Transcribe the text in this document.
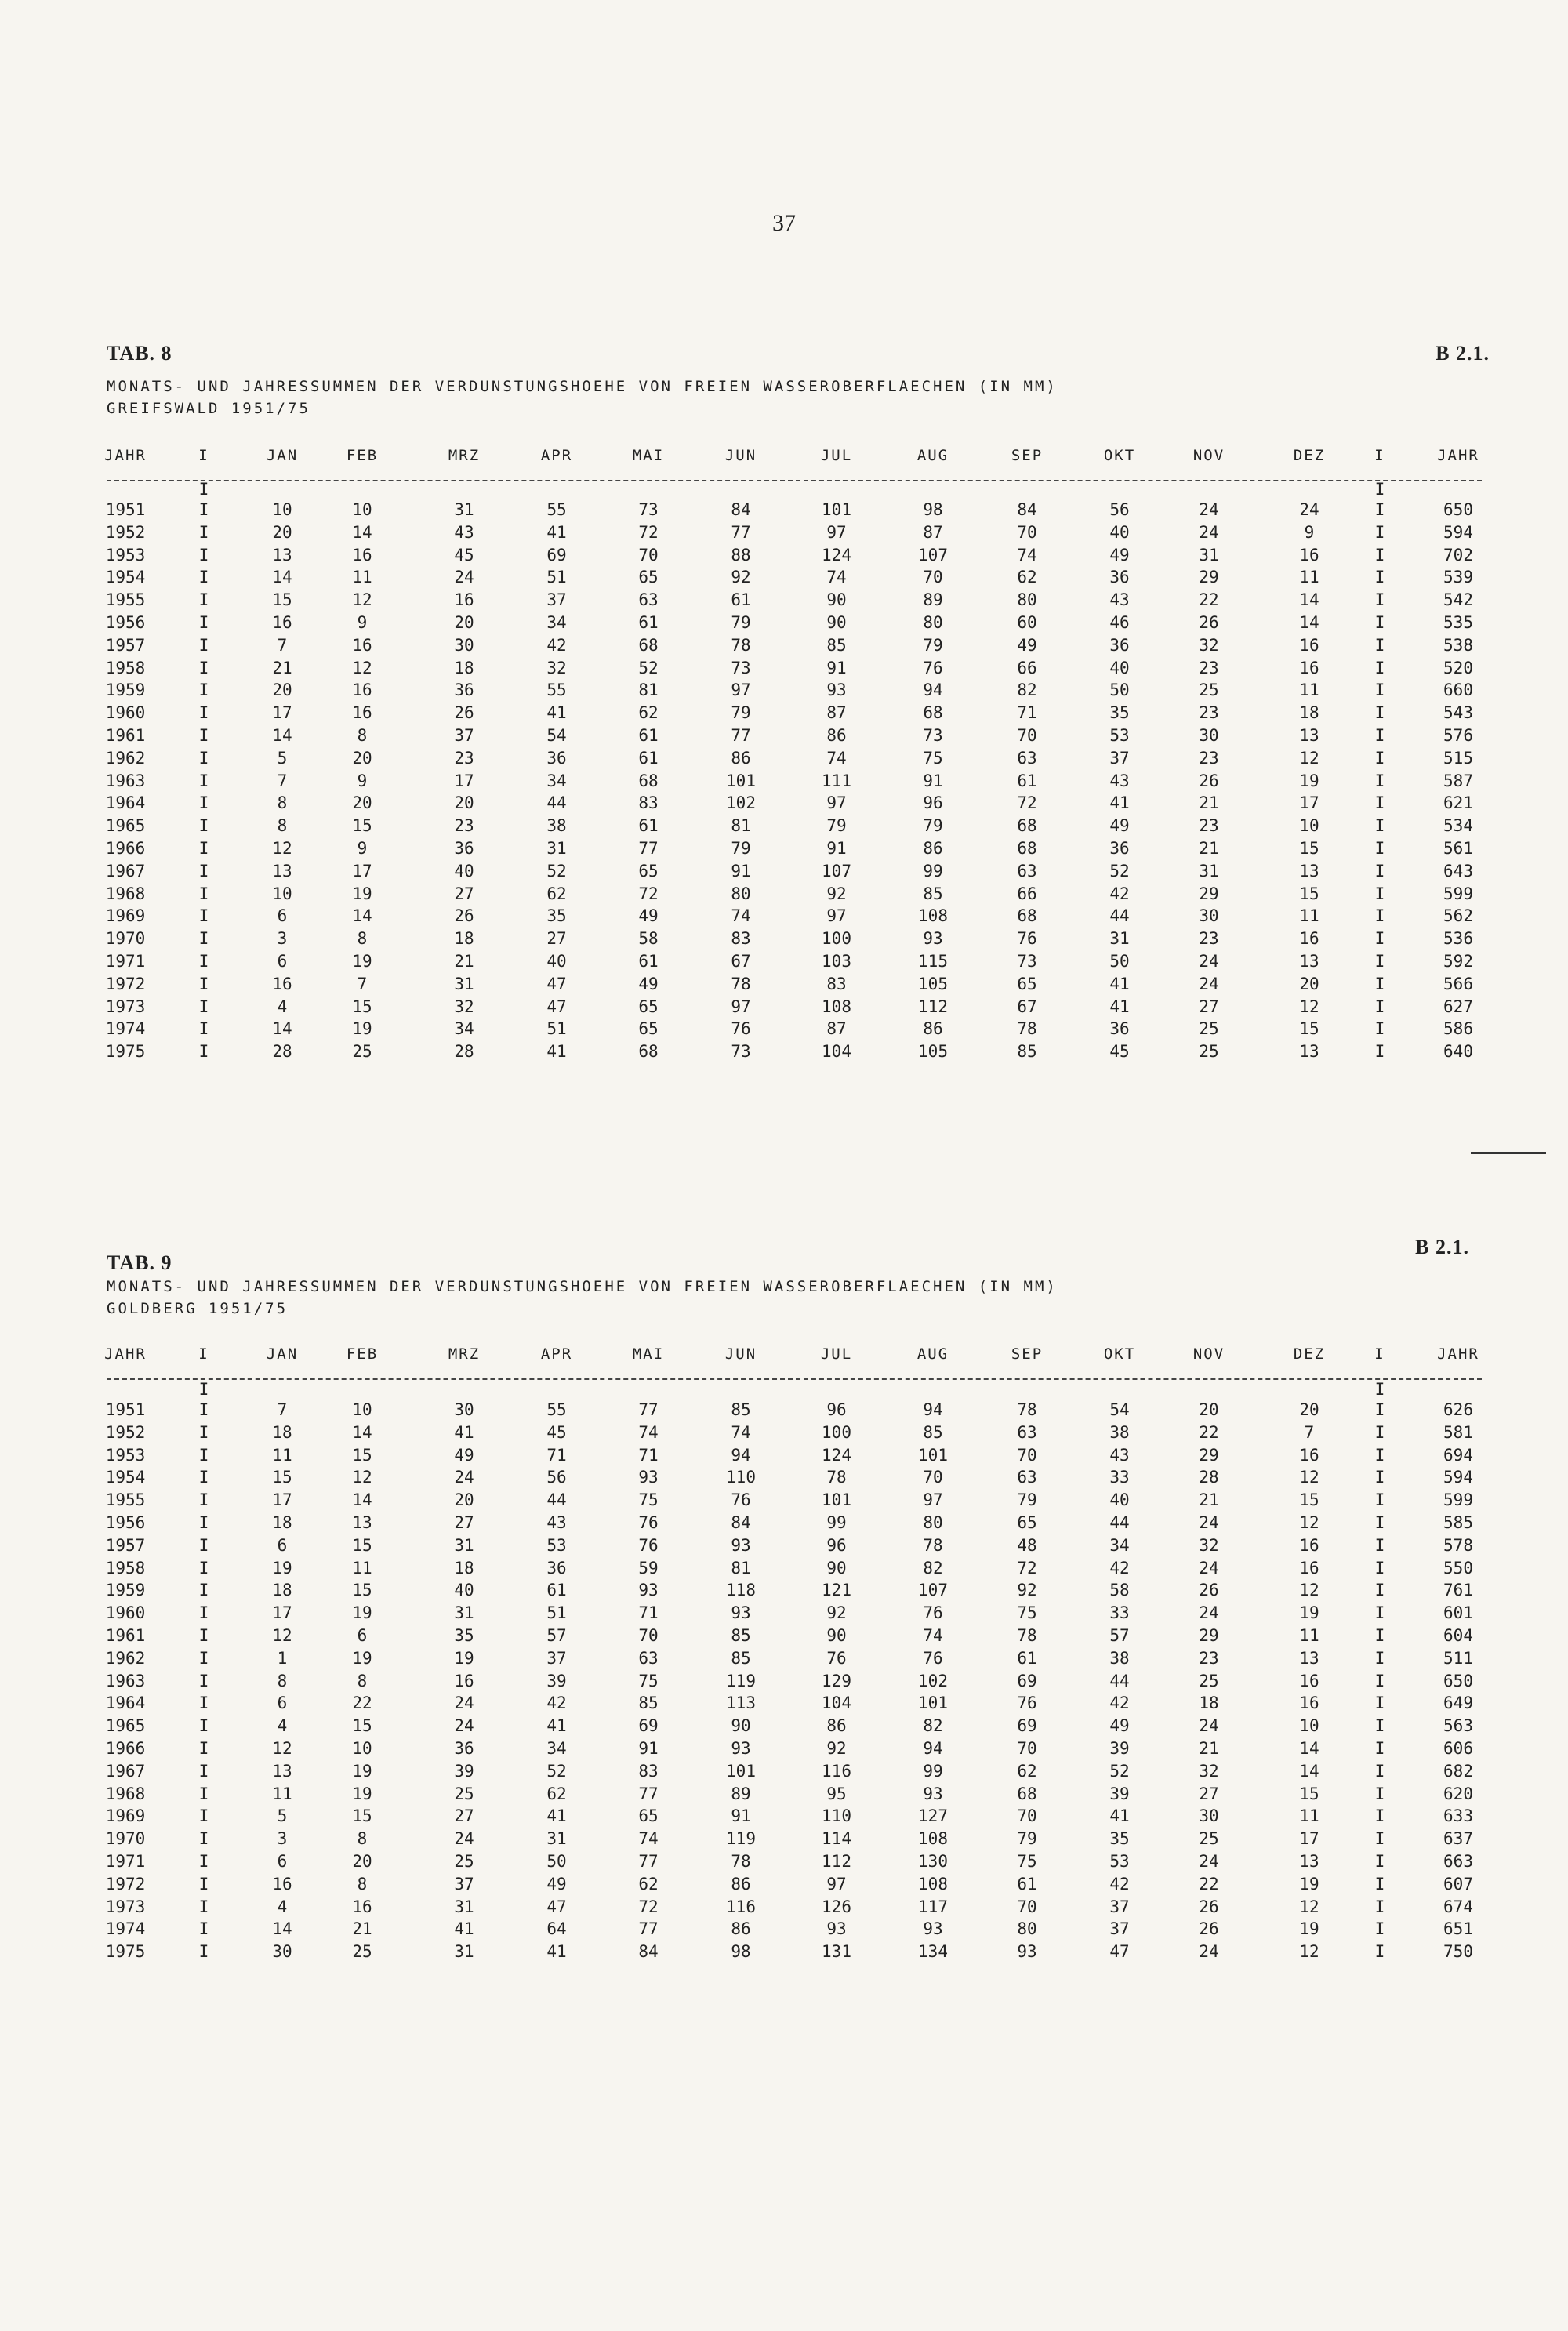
37
TAB. 8	B 2.1.
MONATS- UND JAHRESSUMMEN DER VERDUNSTUNGSHOEHE VON FREIEN WASSEROBERFLAECHEN (IN MM)
GREIFSWALD 1951/75
JAHR	I	JAN	FEB	MRZ	APR	MAI	JUN	JUL	AUG	SEP	OKT	NOV	DEZ	I	JAHR
I	I
1951	I	10	10	31	55	73	84	101	98	84	56	24	24	I	650
1952	I	20	14	43	41	72	77	97	87	70	40	24	9	I	594
1953	I	13	16	45	69	70	88	124	107	74	49	31	16	I	702
1954	I	14	11	24	51	65	92	74	70	62	36	29	11	I	539
1955	I	15	12	16	37	63	61	90	89	80	43	22	14	I	542
1956	I	16	9	20	34	61	79	90	80	60	46	26	14	I	535
1957	I	7	16	30	42	68	78	85	79	49	36	32	16	I	538
1958	I	21	12	18	32	52	73	91	76	66	40	23	16	I	520
1959	I	20	16	36	55	81	97	93	94	82	50	25	11	I	660
1960	I	17	16	26	41	62	79	87	68	71	35	23	18	I	543
1961	I	14	8	37	54	61	77	86	73	70	53	30	13	I	576
1962	I	5	20	23	36	61	86	74	75	63	37	23	12	I	515
1963	I	7	9	17	34	68	101	111	91	61	43	26	19	I	587
1964	I	8	20	20	44	83	102	97	96	72	41	21	17	I	621
1965	I	8	15	23	38	61	81	79	79	68	49	23	10	I	534
1966	I	12	9	36	31	77	79	91	86	68	36	21	15	I	561
1967	I	13	17	40	52	65	91	107	99	63	52	31	13	I	643
1968	I	10	19	27	62	72	80	92	85	66	42	29	15	I	599
1969	I	6	14	26	35	49	74	97	108	68	44	30	11	I	562
1970	I	3	8	18	27	58	83	100	93	76	31	23	16	I	536
1971	I	6	19	21	40	61	67	103	115	73	50	24	13	I	592
1972	I	16	7	31	47	49	78	83	105	65	41	24	20	I	566
1973	I	4	15	32	47	65	97	108	112	67	41	27	12	I	627
1974	I	14	19	34	51	65	76	87	86	78	36	25	15	I	586
1975	I	28	25	28	41	68	73	104	105	85	45	25	13	I	640
TAB. 9
B 2.1.
MONATS- UND JAHRESSUMMEN DER VERDUNSTUNGSHOEHE VON FREIEN WASSEROBERFLAECHEN (IN MM)
GOLDBERG 1951/75
JAHR	I	JAN	FEB	MRZ	APR	MAI	JUN	JUL	AUG	SEP	OKT	NOV	DEZ	I	JAHR
I	I
1951	I	7	10	30	55	77	85	96	94	78	54	20	20	I	626
1952	I	18	14	41	45	74	74	100	85	63	38	22	7	I	581
1953	I	11	15	49	71	71	94	124	101	70	43	29	16	I	694
1954	I	15	12	24	56	93	110	78	70	63	33	28	12	I	594
1955	I	17	14	20	44	75	76	101	97	79	40	21	15	I	599
1956	I	18	13	27	43	76	84	99	80	65	44	24	12	I	585
1957	I	6	15	31	53	76	93	96	78	48	34	32	16	I	578
1958	I	19	11	18	36	59	81	90	82	72	42	24	16	I	550
1959	I	18	15	40	61	93	118	121	107	92	58	26	12	I	761
1960	I	17	19	31	51	71	93	92	76	75	33	24	19	I	601
1961	I	12	6	35	57	70	85	90	74	78	57	29	11	I	604
1962	I	1	19	19	37	63	85	76	76	61	38	23	13	I	511
1963	I	8	8	16	39	75	119	129	102	69	44	25	16	I	650
1964	I	6	22	24	42	85	113	104	101	76	42	18	16	I	649
1965	I	4	15	24	41	69	90	86	82	69	49	24	10	I	563
1966	I	12	10	36	34	91	93	92	94	70	39	21	14	I	606
1967	I	13	19	39	52	83	101	116	99	62	52	32	14	I	682
1968	I	11	19	25	62	77	89	95	93	68	39	27	15	I	620
1969	I	5	15	27	41	65	91	110	127	70	41	30	11	I	633
1970	I	3	8	24	31	74	119	114	108	79	35	25	17	I	637
1971	I	6	20	25	50	77	78	112	130	75	53	24	13	I	663
1972	I	16	8	37	49	62	86	97	108	61	42	22	19	I	607
1973	I	4	16	31	47	72	116	126	117	70	37	26	12	I	674
1974	I	14	21	41	64	77	86	93	93	80	37	26	19	I	651
1975	I	30	25	31	41	84	98	131	134	93	47	24	12	I	750
